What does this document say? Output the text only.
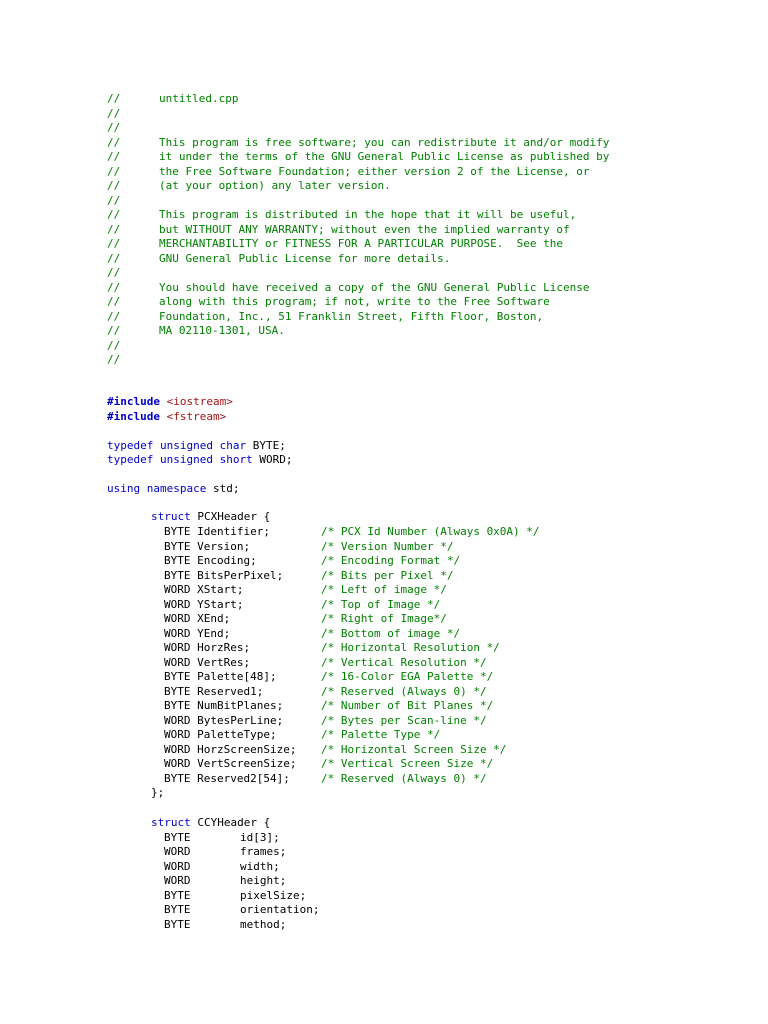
//	untitled.cpp
//
//
//	This program is free software; you can redistribute it and/or modify
//	it under the terms of the GNU General Public License as published by
//	the Free Software Foundation; either version 2 of the License, or
//	(at your option) any later version.
//
//	This program is distributed in the hope that it will be useful,
//	but WITHOUT ANY WARRANTY; without even the implied warranty of
//	MERCHANTABILITY or FITNESS FOR A PARTICULAR PURPOSE.  See the
//	GNU General Public License for more details.
//
//	You should have received a copy of the GNU General Public License
//	along with this program; if not, write to the Free Software
//	Foundation, Inc., 51 Franklin Street, Fifth Floor, Boston,
//	MA 02110-1301, USA.
//
//
#include <iostream>
#include <fstream>
typedef unsigned char BYTE;
typedef unsigned short WORD;
using namespace std;
struct PCXHeader {
BYTE Identifier;	/* PCX Id Number (Always 0x0A) */
BYTE Version;	/* Version Number */
BYTE Encoding;	/* Encoding Format */
BYTE BitsPerPixel;	/* Bits per Pixel */
WORD XStart;	/* Left of image */
WORD YStart;	/* Top of Image */
WORD XEnd;	/* Right of Image*/
WORD YEnd;	/* Bottom of image */
WORD HorzRes;	/* Horizontal Resolution */
WORD VertRes;	/* Vertical Resolution */
BYTE Palette[48];	/* 16-Color EGA Palette */
BYTE Reserved1;	/* Reserved (Always 0) */
BYTE NumBitPlanes;	/* Number of Bit Planes */
WORD BytesPerLine;	/* Bytes per Scan-line */
WORD PaletteType;	/* Palette Type */
WORD HorzScreenSize; /* Horizontal Screen Size */
WORD VertScreenSize; /* Vertical Screen Size */
BYTE Reserved2[54];	/* Reserved (Always 0) */
};
struct CCYHeader {
BYTE	id[3];
WORD	frames;
WORD	width;
WORD	height;
BYTE	pixelSize;
BYTE	orientation;
BYTE	method;
